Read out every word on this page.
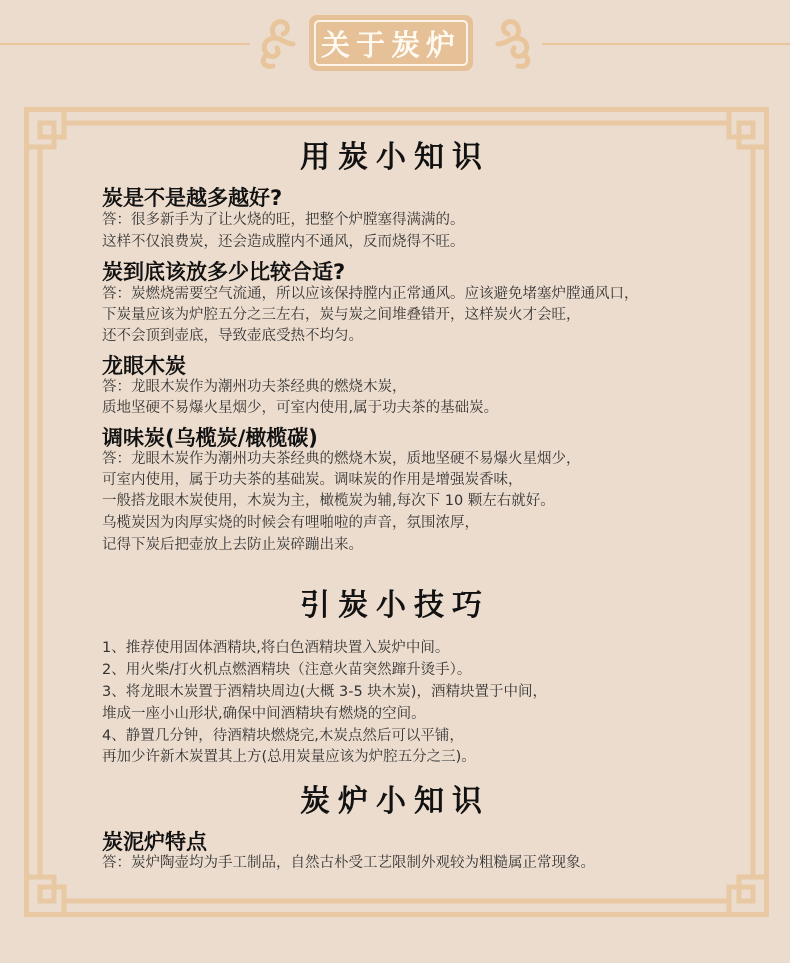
关于炭炉
用炭小知识
炭是不是越多越好?
答：很多新手为了让火烧的旺，把整个炉膛塞得满满的。
这样不仅浪费炭，还会造成膛内不通风，反而烧得不旺。
炭到底该放多少比较合适?
答：炭燃烧需要空气流通，所以应该保持膛内正常通风。应该避免堵塞炉膛通风口，
下炭量应该为炉腔五分之三左右，炭与炭之间堆叠错开，这样炭火才会旺，
还不会顶到壶底，导致壶底受热不均匀。
龙眼木炭
答：龙眼木炭作为潮州功夫茶经典的燃烧木炭，
质地坚硬不易爆火星烟少，可室内使用,属于功夫茶的基础炭。
调味炭(乌榄炭/橄榄碳)
答：龙眼木炭作为潮州功夫茶经典的燃烧木炭，质地坚硬不易爆火星烟少，
可室内使用，属于功夫茶的基础炭。调味炭的作用是增强炭香味，
一般搭龙眼木炭使用，木炭为主，橄榄炭为辅,每次下 10 颗左右就好。
乌榄炭因为肉厚实烧的时候会有哩啪啦的声音，氛围浓厚，
记得下炭后把壶放上去防止炭碎蹦出来。
引炭小技巧
1、推荐使用固体酒精块,将白色酒精块置入炭炉中间。
2、用火柴/打火机点燃酒精块（注意火苗突然蹿升烫手）。
3、将龙眼木炭置于酒精块周边(大概 3-5 块木炭)，酒精块置于中间，
堆成一座小山形状,确保中间酒精块有燃烧的空间。
4、静置几分钟，待酒精块燃烧完,木炭点然后可以平铺，
再加少许新木炭置其上方(总用炭量应该为炉腔五分之三)。
炭炉小知识
炭泥炉特点
答：炭炉陶壶均为手工制品，自然古朴受工艺限制外观较为粗糙属正常现象。
